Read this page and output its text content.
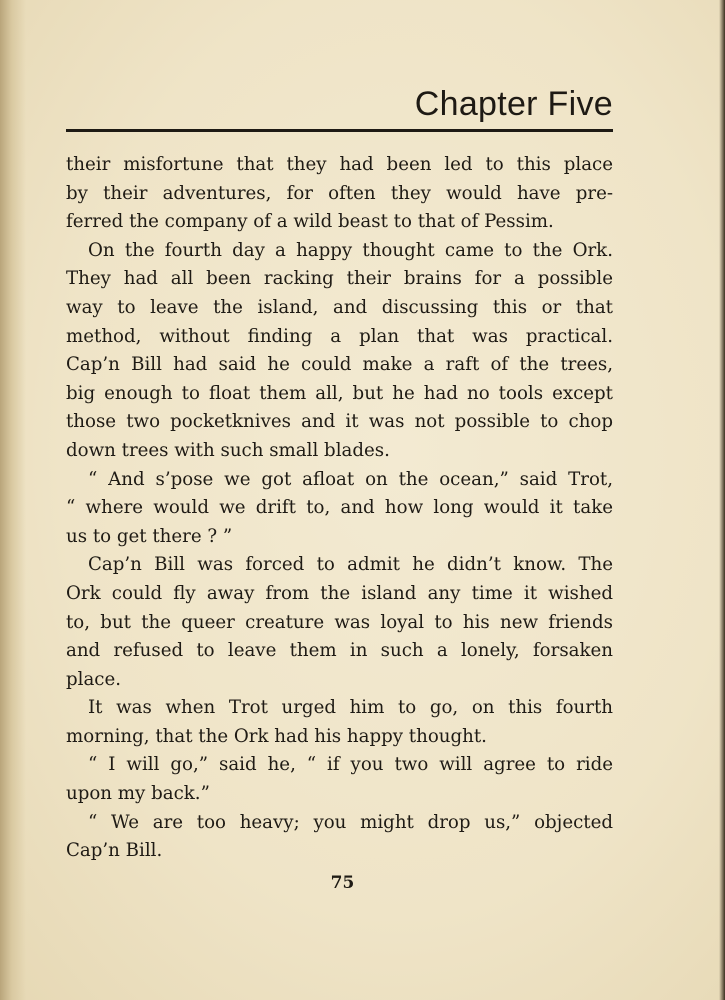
Chapter Five
their misfortune that they had been led to this place
by their adventures, for often they would have pre-
ferred the company of a wild beast to that of Pessim.
On the fourth day a happy thought came to the Ork.
They had all been racking their brains for a possible
way to leave the island, and discussing this or that
method, without finding a plan that was practical.
Cap’n Bill had said he could make a raft of the trees,
big enough to float them all, but he had no tools except
those two pocketknives and it was not possible to chop
down trees with such small blades.
“ And s’pose we got afloat on the ocean,” said Trot,
“ where would we drift to, and how long would it take
us to get there ? ”
Cap’n Bill was forced to admit he didn’t know. The
Ork could fly away from the island any time it wished
to, but the queer creature was loyal to his new friends
and refused to leave them in such a lonely, forsaken
place.
It was when Trot urged him to go, on this fourth
morning, that the Ork had his happy thought.
“ I will go,” said he, “ if you two will agree to ride
upon my back.”
“ We are too heavy; you might drop us,” objected
Cap’n Bill.
75
